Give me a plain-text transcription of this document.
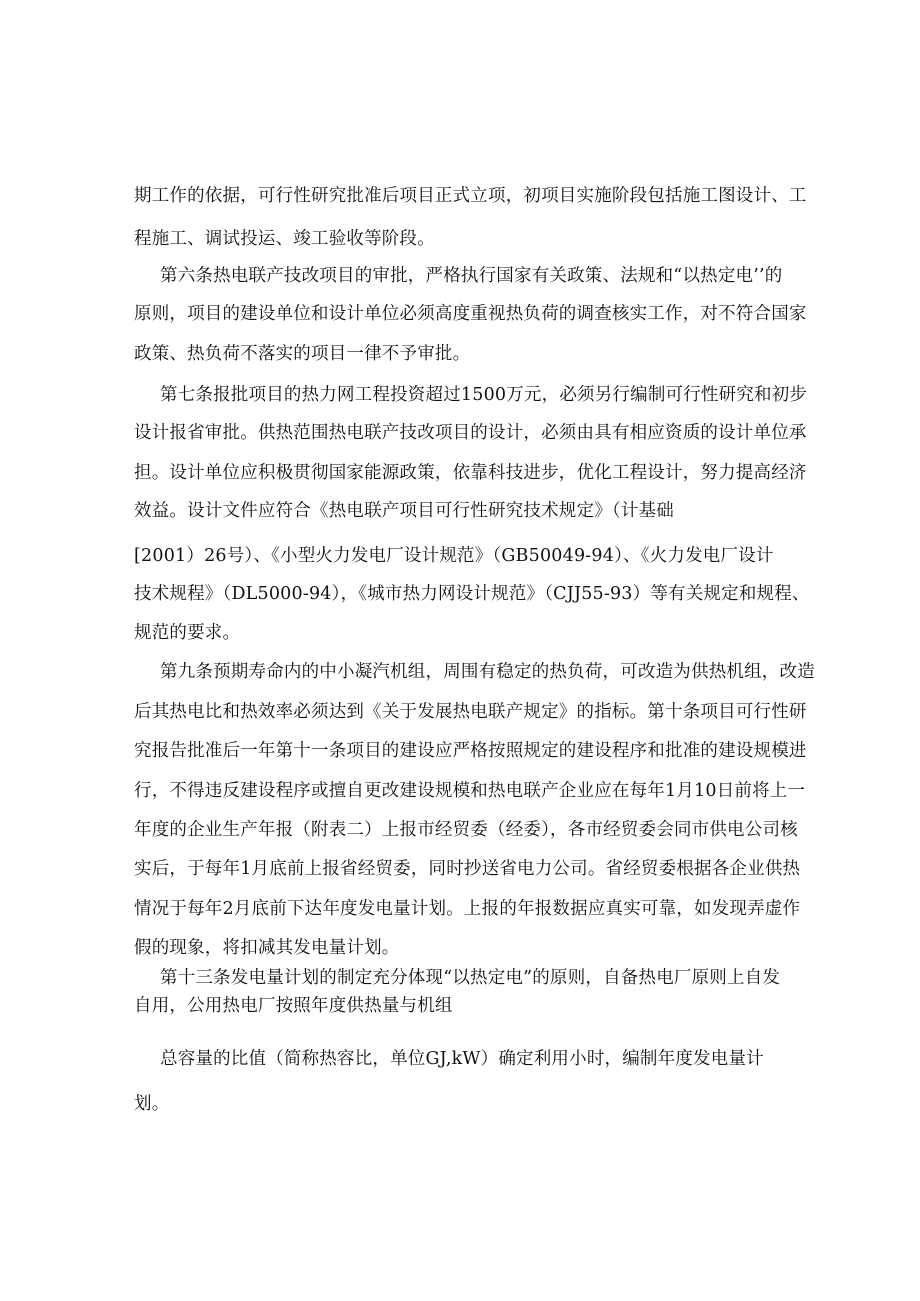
期工作的依据，可行性研究批准后项目正式立项，初项目实施阶段包括施工图设计、工
程施工、调试投运、竣工验收等阶段。
第六条热电联产技改项目的审批，严格执行国家有关政策、法规和“以热定电’’的
原则，项目的建设单位和设计单位必须高度重视热负荷的调查核实工作，对不符合国家
政策、热负荷不落实的项目一律不予审批。
第七条报批项目的热力网工程投资超过1500万元，必须另行编制可行性研究和初步
设计报省审批。供热范围热电联产技改项目的设计，必须由具有相应资质的设计单位承
担。设计单位应积极贯彻国家能源政策，依靠科技进步，优化工程设计，努力提高经济
效益。设计文件应符合《热电联产项目可行性研究技术规定》（计基础
[2001）26号）、《小型火力发电厂设计规范》（GB50049-94）、《火力发电厂设计
技术规程》（DL5000-94），《城市热力网设计规范》（CJJ55-93）等有关规定和规程、
规范的要求。
第九条预期寿命内的中小凝汽机组，周围有稳定的热负荷，可改造为供热机组，改造
后其热电比和热效率必须达到《关于发展热电联产规定》的指标。第十条项目可行性研
究报告批准后一年第十一条项目的建设应严格按照规定的建设程序和批准的建设规模进
行，不得违反建设程序或擅自更改建设规模和热电联产企业应在每年1月10日前将上一
年度的企业生产年报（附表二）上报市经贸委（经委），各市经贸委会同市供电公司核
实后，于每年1月底前上报省经贸委，同时抄送省电力公司。省经贸委根据各企业供热
情况于每年2月底前下达年度发电量计划。上报的年报数据应真实可靠，如发现弄虚作
假的现象，将扣减其发电量计划。
第十三条发电量计划的制定充分体现“以热定电”的原则，自备热电厂原则上自发
自用，公用热电厂按照年度供热量与机组
总容量的比值（简称热容比，单位GJ,kW）确定利用小时，编制年度发电量计
划。
